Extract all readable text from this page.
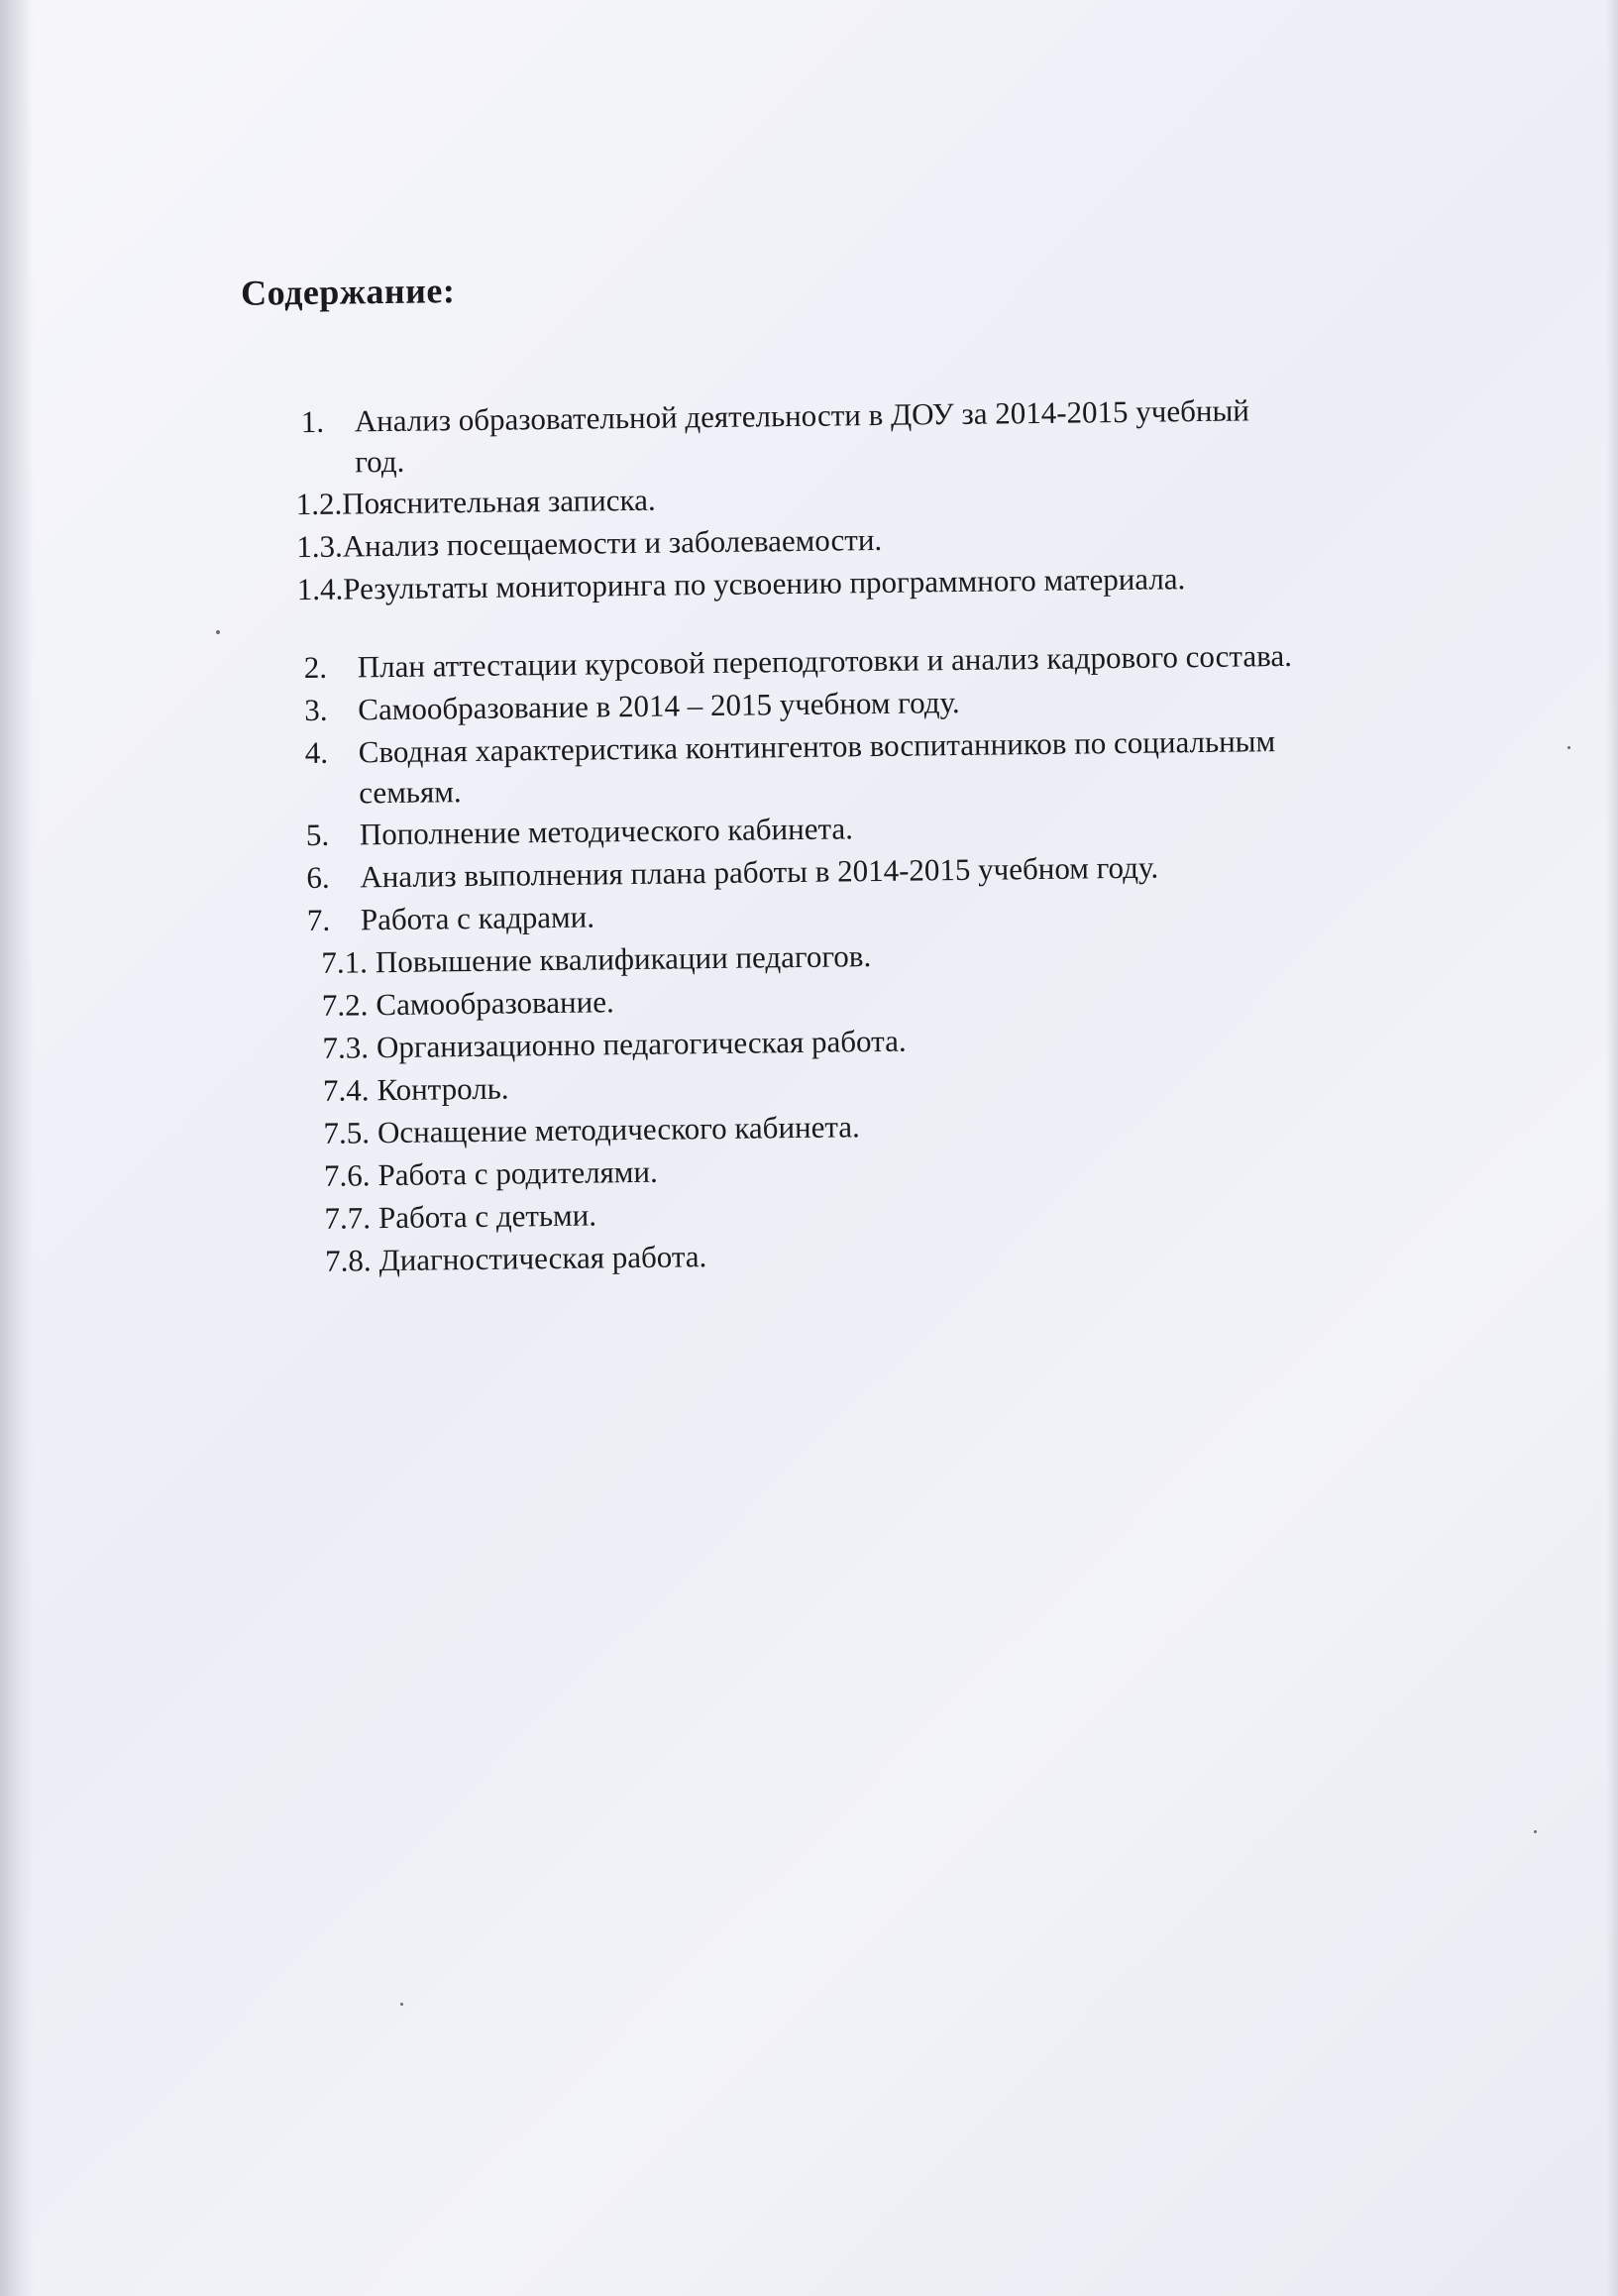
Содержание:
1. Анализ образовательной деятельности в ДОУ за 2014-2015 учебный
год.
1.2. Пояснительная записка.
1.3. Анализ посещаемости и заболеваемости.
1.4. Результаты мониторинга по усвоению программного материала.
2. План аттестации курсовой переподготовки и анализ кадрового состава.
3. Самообразование в 2014 – 2015 учебном году.
4. Сводная характеристика контингентов воспитанников по социальным
семьям.
5. Пополнение методического кабинета.
6. Анализ выполнения плана работы в 2014-2015 учебном году.
7. Работа с кадрами.
7.1. Повышение квалификации педагогов.
7.2. Самообразование.
7.3. Организационно педагогическая работа.
7.4. Контроль.
7.5. Оснащение методического кабинета.
7.6. Работа с родителями.
7.7. Работа с детьми.
7.8. Диагностическая работа.
